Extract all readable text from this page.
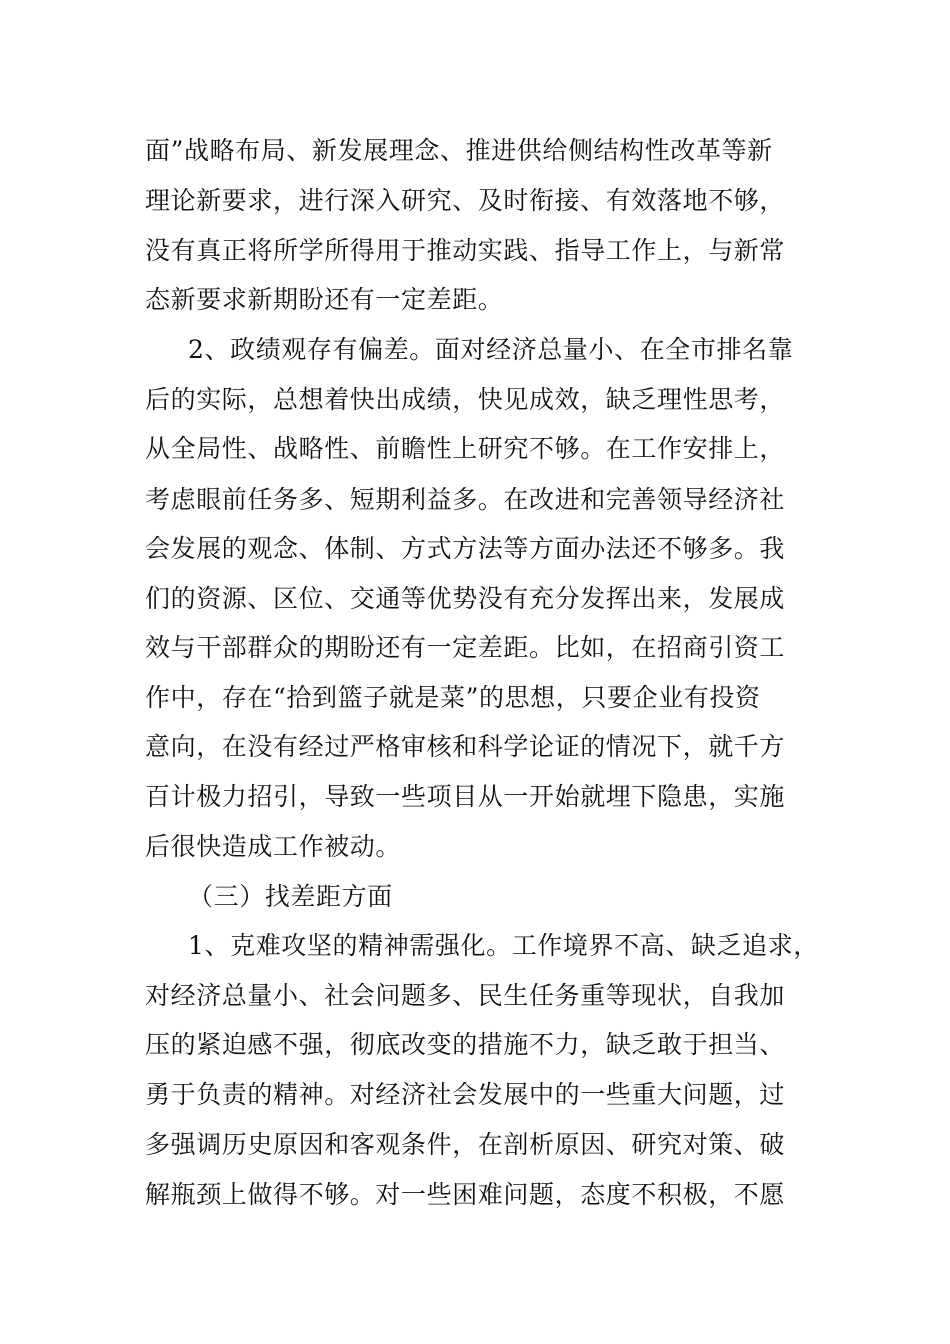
面”战略布局、新发展理念、推进供给侧结构性改革等新
理论新要求，进行深入研究、及时衔接、有效落地不够，
没有真正将所学所得用于推动实践、指导工作上，与新常
态新要求新期盼还有一定差距。
2、政绩观存有偏差。面对经济总量小、在全市排名靠
后的实际，总想着快出成绩，快见成效，缺乏理性思考，
从全局性、战略性、前瞻性上研究不够。在工作安排上，
考虑眼前任务多、短期利益多。在改进和完善领导经济社
会发展的观念、体制、方式方法等方面办法还不够多。我
们的资源、区位、交通等优势没有充分发挥出来，发展成
效与干部群众的期盼还有一定差距。比如，在招商引资工
作中，存在“拾到篮子就是菜”的思想，只要企业有投资
意向，在没有经过严格审核和科学论证的情况下，就千方
百计极力招引，导致一些项目从一开始就埋下隐患，实施
后很快造成工作被动。
（三）找差距方面
1、克难攻坚的精神需强化。工作境界不高、缺乏追求，
对经济总量小、社会问题多、民生任务重等现状，自我加
压的紧迫感不强，彻底改变的措施不力，缺乏敢于担当、
勇于负责的精神。对经济社会发展中的一些重大问题，过
多强调历史原因和客观条件，在剖析原因、研究对策、破
解瓶颈上做得不够。对一些困难问题，态度不积极，不愿
